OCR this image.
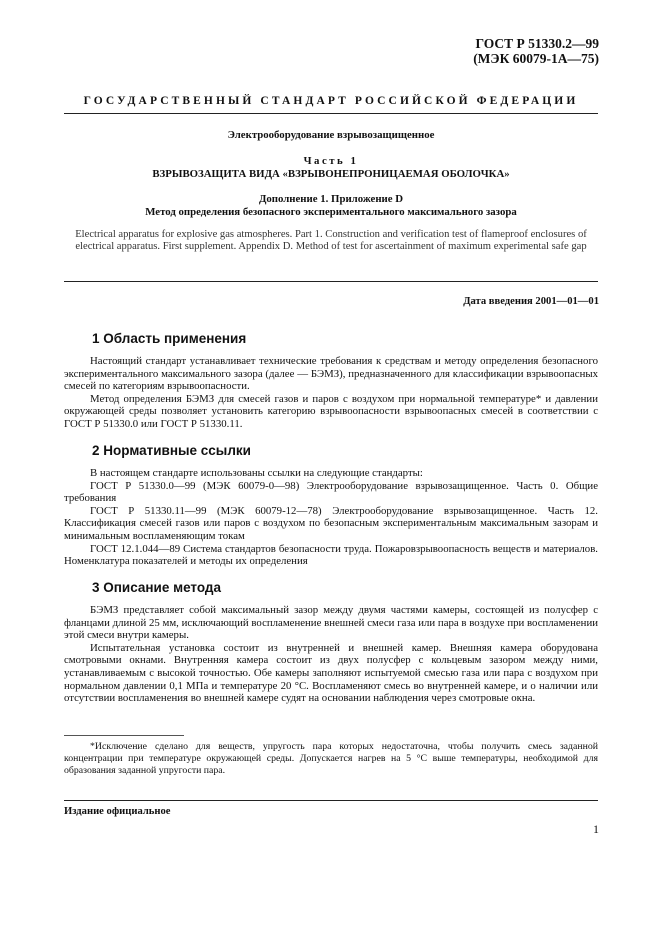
ГОСТ Р 51330.2—99
(МЭК 60079-1А—75)
ГОСУДАРСТВЕННЫЙ СТАНДАРТ РОССИЙСКОЙ ФЕДЕРАЦИИ
Электрооборудование взрывозащищенное
Часть 1
ВЗРЫВОЗАЩИТА ВИДА «ВЗРЫВОНЕПРОНИЦАЕМАЯ ОБОЛОЧКА»
Дополнение 1. Приложение D
Метод определения безопасного экспериментального максимального зазора
Electrical apparatus for explosive gas atmospheres. Part 1. Construction and verification test of flameproof enclosures of electrical apparatus. First supplement. Appendix D. Method of test for ascertainment of maximum experimental safe gap
Дата введения 2001—01—01
1 Область применения

Настоящий стандарт устанавливает технические требования к средствам и методу определения безопасного экспериментального максимального зазора (далее — БЭМЗ), предназначенного для классификации взрывоопасных смесей по категориям взрывоопасности.

Метод определения БЭМЗ для смесей газов и паров с воздухом при нормальной температуре* и давлении окружающей среды позволяет установить категорию взрывоопасности взрывоопасных смесей в соответствии с ГОСТ Р 51330.0 или ГОСТ Р 51330.11.

2 Нормативные ссылки

В настоящем стандарте использованы ссылки на следующие стандарты:

ГОСТ Р 51330.0—99 (МЭК 60079-0—98) Электрооборудование взрывозащищенное. Часть 0. Общие требования

ГОСТ Р 51330.11—99 (МЭК 60079-12—78) Электрооборудование взрывозащищенное. Часть 12. Классификация смесей газов или паров с воздухом по безопасным экспериментальным максимальным зазорам и минимальным воспламеняющим токам

ГОСТ 12.1.044—89 Система стандартов безопасности труда. Пожаровзрывоопасность веществ и материалов. Номенклатура показателей и методы их определения

3 Описание метода

БЭМЗ представляет собой максимальный зазор между двумя частями камеры, состоящей из полусфер с фланцами длиной 25 мм, исключающий воспламенение внешней смеси газа или пара в воздухе при воспламенении этой смеси внутри камеры.

Испытательная установка состоит из внутренней и внешней камер. Внешняя камера оборудована смотровыми окнами. Внутренняя камера состоит из двух полусфер с кольцевым зазором между ними, устанавливаемым с высокой точностью. Обе камеры заполняют испытуемой смесью газа или пара с воздухом при нормальном давлении 0,1 МПа и температуре 20 °С. Воспламеняют смесь во внутренней камере, и о наличии или отсутствии воспламенения во внешней камере судят на основании наблюдения через смотровые окна.

*Исключение сделано для веществ, упругость пара которых недостаточна, чтобы получить смесь заданной концентрации при температуре окружающей среды. Допускается нагрев на 5 °С выше температуры, необходимой для образования заданной упругости пара.

Издание официальное
1
